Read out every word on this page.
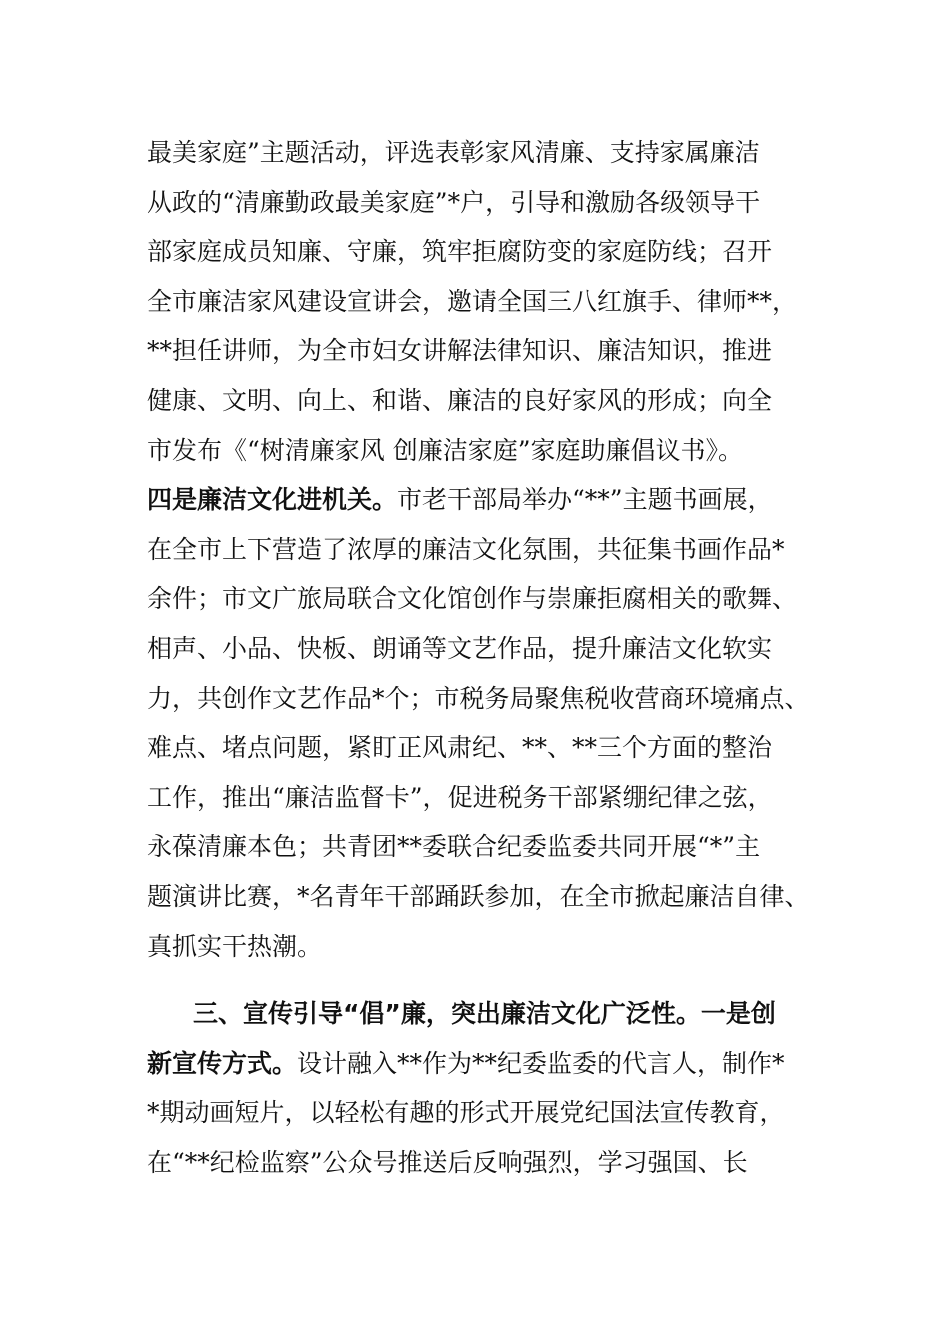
最美家庭”主题活动，评选表彰家风清廉、支持家属廉洁
从政的“清廉勤政最美家庭”*户，引导和激励各级领导干
部家庭成员知廉、守廉，筑牢拒腐防变的家庭防线；召开
全市廉洁家风建设宣讲会，邀请全国三八红旗手、律师**，
**担任讲师，为全市妇女讲解法律知识、廉洁知识，推进
健康、文明、向上、和谐、廉洁的良好家风的形成；向全
市发布《“树清廉家风 创廉洁家庭”家庭助廉倡议书》。
四是廉洁文化进机关。市老干部局举办“**”主题书画展，
在全市上下营造了浓厚的廉洁文化氛围，共征集书画作品*
余件；市文广旅局联合文化馆创作与崇廉拒腐相关的歌舞、
相声、小品、快板、朗诵等文艺作品，提升廉洁文化软实
力，共创作文艺作品*个；市税务局聚焦税收营商环境痛点、
难点、堵点问题，紧盯正风肃纪、**、**三个方面的整治
工作，推出“廉洁监督卡”，促进税务干部紧绷纪律之弦，
永葆清廉本色；共青团**委联合纪委监委共同开展“*”主
题演讲比赛，*名青年干部踊跃参加，在全市掀起廉洁自律、
真抓实干热潮。
三、宣传引导“倡”廉，突出廉洁文化广泛性。一是创
新宣传方式。设计融入**作为**纪委监委的代言人，制作*
*期动画短片，以轻松有趣的形式开展党纪国法宣传教育，
在“**纪检监察”公众号推送后反响强烈，学习强国、长
